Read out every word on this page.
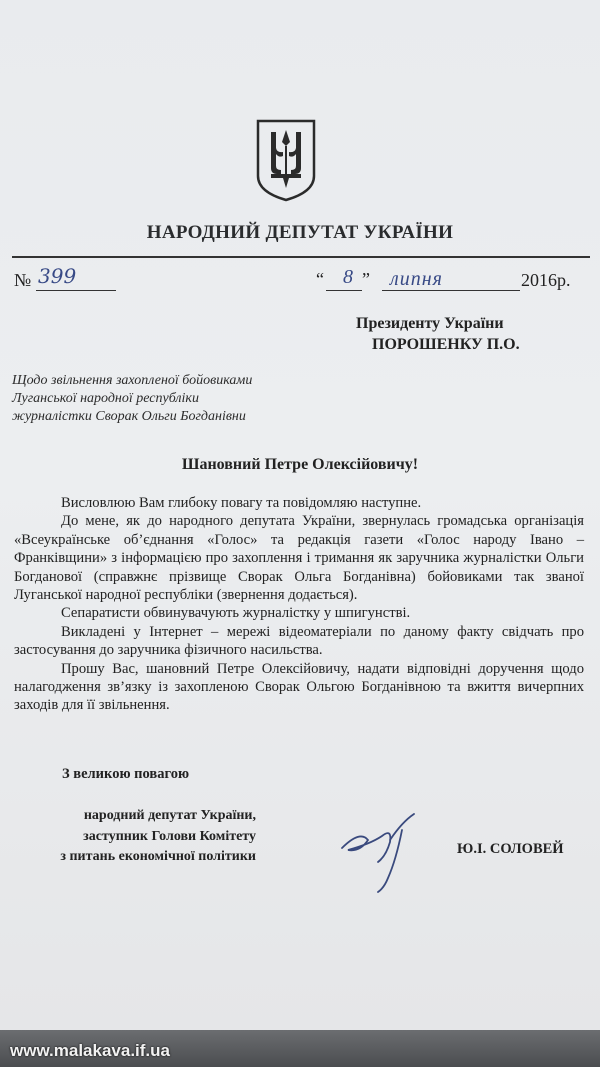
НАРОДНИЙ ДЕПУТАТ УКРАЇНИ
№ 399	“ 8 ” липня	2016р.
Президенту України
ПОРОШЕНКУ П.О.
Щодо звільнення захопленої бойовиками
Луганської народної республіки
журналістки Сворак Ольги Богданівни
Шановний Петре Олексійовичу!

Висловлюю Вам глибоку повагу та повідомляю наступне.

До мене, як до народного депутата України, звернулась громадська організація «Всеукраїнське об’єднання «Голос» та редакція газети «Голос народу Івано – Франківщини» з інформацією про захоплення і тримання як заручника журналістки Ольги Богданової (справжнє прізвище Сворак Ольга Богданівна) бойовиками так званої Луганської народної республіки (звернення додається).

Сепаратисти обвинувачують журналістку у шпигунстві.

Викладені у Інтернет – мережі відеоматеріали по даному факту свідчать про застосування до заручника фізичного насильства.

Прошу Вас, шановний Петре Олексійовичу, надати відповідні доручення щодо налагодження зв’язку із захопленою Сворак Ольгою Богданівною та вжиття вичерпних заходів для її звільнення.

З великою повагою
народний депутат України,
заступник Голови Комітету
з питань економічної політики	Ю.І. СОЛОВЕЙ
www.malakava.if.ua
